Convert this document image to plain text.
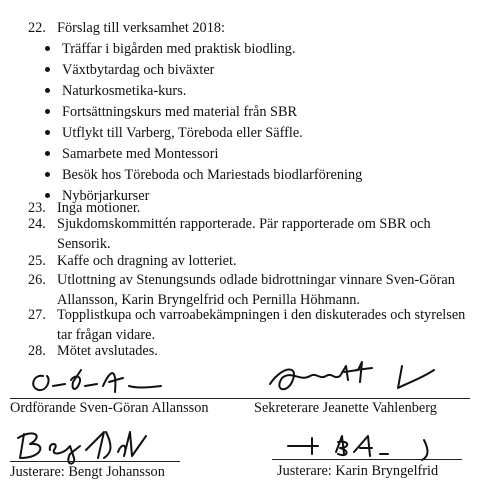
22. Förslag till verksamhet 2018:
Träffar i bigården med praktisk biodling.
Växtbytardag och biväxter
Naturkosmetika-kurs.
Fortsättningskurs med material från SBR
Utflykt till Varberg, Töreboda eller Säffle.
Samarbete med Montessori
Besök hos Töreboda och Mariestads biodlarförening
Nybörjarkurser
23. Inga motioner.
24. Sjukdomskommittén rapporterade. Pär rapporterade om SBR och
Sensorik.
25. Kaffe och dragning av lotteriet.
26. Utlottning av Stenungsunds odlade bidrottningar vinnare Sven-Göran
Allansson, Karin Bryngelfrid och Pernilla Höhmann.
27. Topplistkupa och varroabekämpningen i den diskuterades och styrelsen
tar frågan vidare.
28. Mötet avslutades.
Ordförande Sven-Göran Allansson	Sekreterare Jeanette Vahlenberg
Justerare: Bengt Johansson	Justerare: Karin Bryngelfrid
